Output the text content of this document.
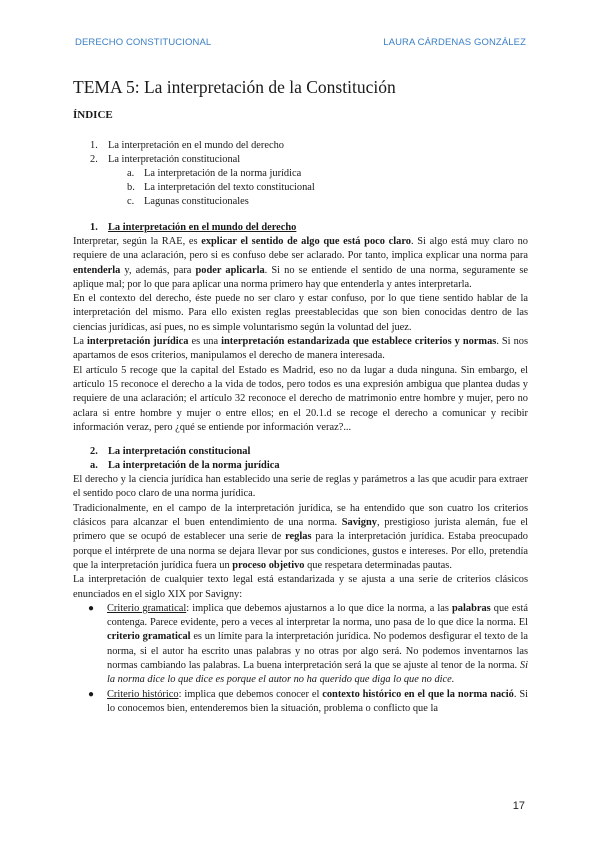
DERECHO CONSTITUCIONAL	LAURA CÁRDENAS GONZÁLEZ
TEMA 5: La interpretación de la Constitución
ÍNDICE
1. La interpretación en el mundo del derecho
2. La interpretación constitucional
a. La interpretación de la norma jurídica
b. La interpretación del texto constitucional
c. Lagunas constitucionales
1. La interpretación en el mundo del derecho

Interpretar, según la RAE, es explicar el sentido de algo que está poco claro. Si algo está muy claro no requiere de una aclaración, pero si es confuso debe ser aclarado. Por tanto, implica explicar una norma para entenderla y, además, para poder aplicarla. Si no se entiende el sentido de una norma, seguramente se aplique mal; por lo que para aplicar una norma primero hay que entenderla y antes interpretarla.

En el contexto del derecho, éste puede no ser claro y estar confuso, por lo que tiene sentido hablar de la interpretación del mismo. Para ello existen reglas preestablecidas que son bien conocidas dentro de las ciencias jurídicas, así pues, no es simple voluntarismo según la voluntad del juez.

La interpretación jurídica es una interpretación estandarizada que establece criterios y normas. Si nos apartamos de esos criterios, manipulamos el derecho de manera interesada.

El artículo 5 recoge que la capital del Estado es Madrid, eso no da lugar a duda ninguna. Sin embargo, el artículo 15 reconoce el derecho a la vida de todos, pero todos es una expresión ambigua que plantea dudas y requiere de una aclaración; el artículo 32 reconoce el derecho de matrimonio entre hombre y mujer, pero no aclara si entre hombre y mujer o entre ellos; en el 20.1.d se recoge el derecho a comunicar y recibir información veraz, pero ¿qué se entiende por información veraz?...

2. La interpretación constitucional
a. La interpretación de la norma jurídica

El derecho y la ciencia jurídica han establecido una serie de reglas y parámetros a las que acudir para extraer el sentido poco claro de una norma jurídica.

Tradicionalmente, en el campo de la interpretación jurídica, se ha entendido que son cuatro los criterios clásicos para alcanzar el buen entendimiento de una norma. Savigny, prestigioso jurista alemán, fue el primero que se ocupó de establecer una serie de reglas para la interpretación jurídica. Estaba preocupado porque el intérprete de una norma se dejara llevar por sus condiciones, gustos e intereses. Por ello, pretendía que la interpretación jurídica fuera un proceso objetivo que respetara determinadas pautas.

La interpretación de cualquier texto legal está estandarizada y se ajusta a una serie de criterios clásicos enunciados en el siglo XIX por Savigny:

● Criterio gramatical: implica que debemos ajustarnos a lo que dice la norma, a las palabras que está contenga. Parece evidente, pero a veces al interpretar la norma, uno pasa de lo que dice la norma. El criterio gramatical es un límite para la interpretación jurídica. No podemos desfigurar el texto de la norma, si el autor ha escrito unas palabras y no otras por algo será. No podemos inventarnos las normas cambiando las palabras. La buena interpretación será la que se ajuste al tenor de la norma. Si la norma dice lo que dice es porque el autor no ha querido que diga lo que no dice.
● Criterio histórico: implica que debemos conocer el contexto histórico en el que la norma nació. Si lo conocemos bien, entenderemos bien la situación, problema o conflicto que la
17
